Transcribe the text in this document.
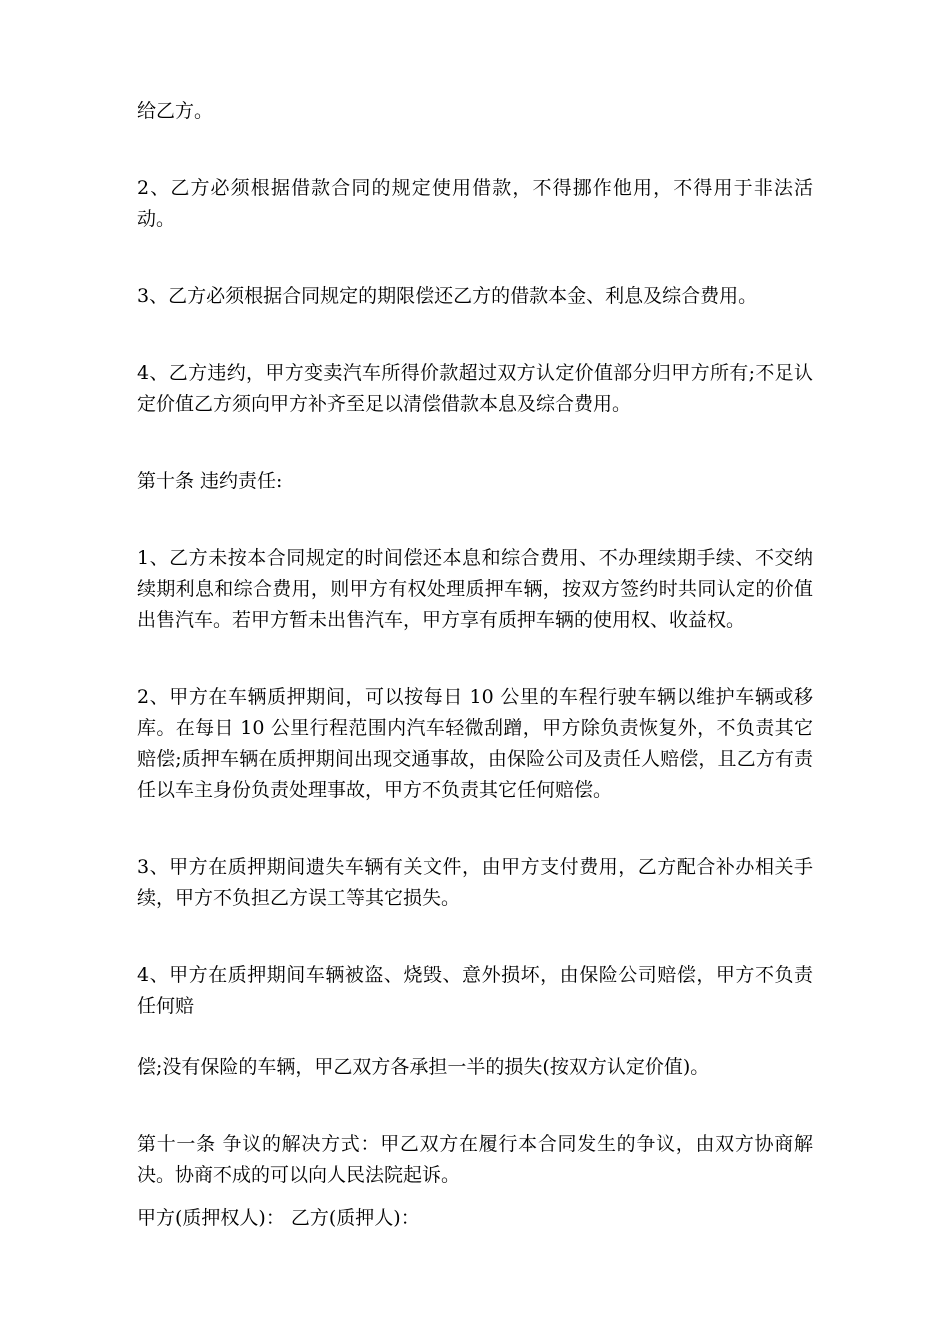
给乙方。

2、乙方必须根据借款合同的规定使用借款，不得挪作他用，不得用于非法活动。

3、乙方必须根据合同规定的期限偿还乙方的借款本金、利息及综合费用。

4、乙方违约，甲方变卖汽车所得价款超过双方认定价值部分归甲方所有;不足认定价值乙方须向甲方补齐至足以清偿借款本息及综合费用。

第十条 违约责任:

1、乙方未按本合同规定的时间偿还本息和综合费用、不办理续期手续、不交纳续期利息和综合费用，则甲方有权处理质押车辆，按双方签约时共同认定的价值出售汽车。若甲方暂未出售汽车，甲方享有质押车辆的使用权、收益权。

2、甲方在车辆质押期间，可以按每日 10 公里的车程行驶车辆以维护车辆或移库。在每日 10 公里行程范围内汽车轻微刮蹭，甲方除负责恢复外，不负责其它赔偿;质押车辆在质押期间出现交通事故，由保险公司及责任人赔偿，且乙方有责任以车主身份负责处理事故，甲方不负责其它任何赔偿。

3、甲方在质押期间遗失车辆有关文件，由甲方支付费用，乙方配合补办相关手续，甲方不负担乙方误工等其它损失。

4、甲方在质押期间车辆被盗、烧毁、意外损坏，由保险公司赔偿，甲方不负责任何赔

偿;没有保险的车辆，甲乙双方各承担一半的损失(按双方认定价值)。

第十一条 争议的解决方式：甲乙双方在履行本合同发生的争议，由双方协商解决。协商不成的可以向人民法院起诉。

甲方(质押权人)： 乙方(质押人)：
